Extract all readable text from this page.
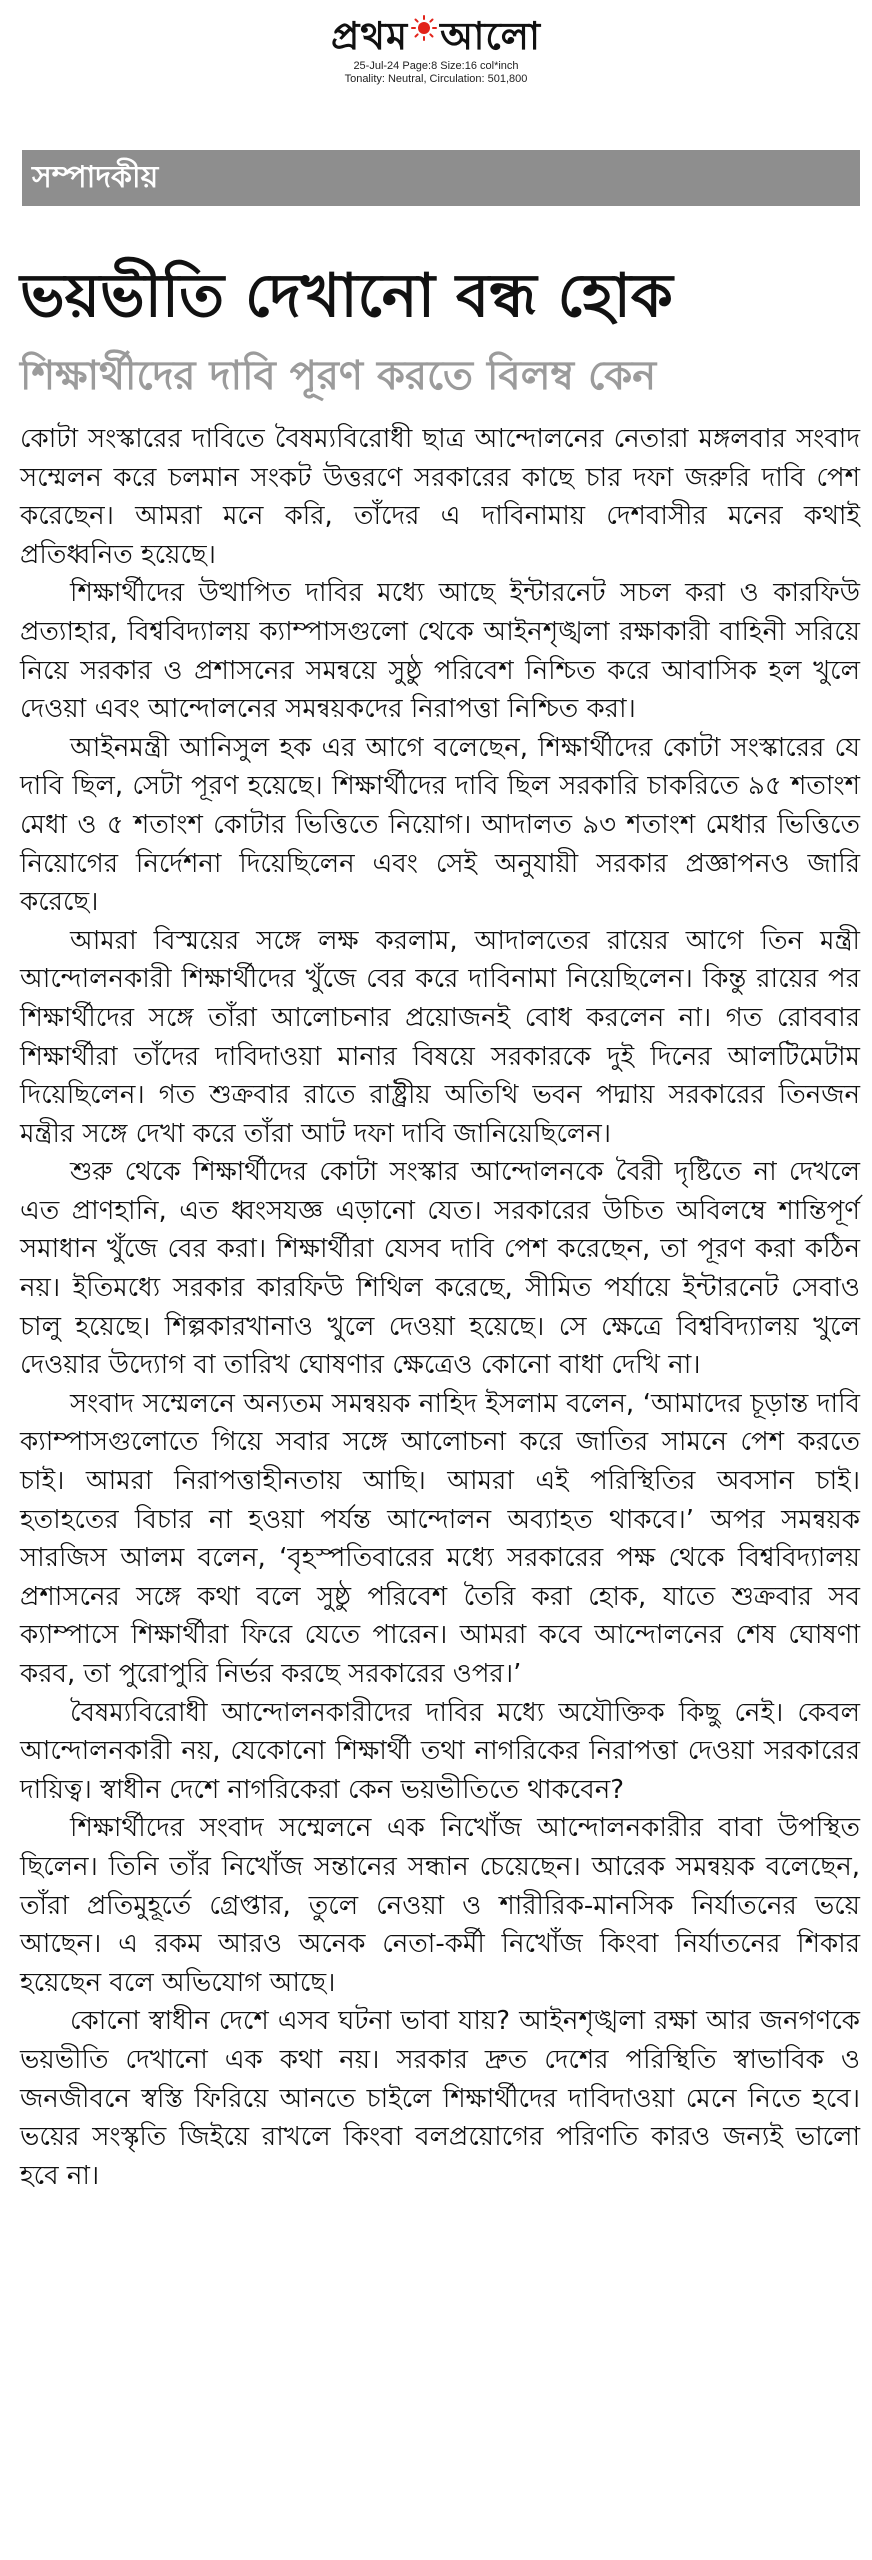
প্রথম আলো
25-Jul-24 Page:8 Size:16 col*inch
Tonality: Neutral, Circulation: 501,800
সম্পাদকীয়
ভয়ভীতি দেখানো বন্ধ হোক
শিক্ষার্থীদের দাবি পূরণ করতে বিলম্ব কেন

কোটা সংস্কারের দাবিতে বৈষম্যবিরোধী ছাত্র আন্দোলনের নেতারা মঙ্গলবার সংবাদ সম্মেলন করে চলমান সংকট উত্তরণে সরকারের কাছে চার দফা জরুরি দাবি পেশ করেছেন। আমরা মনে করি, তাঁদের এ দাবিনামায় দেশবাসীর মনের কথাই প্রতিধ্বনিত হয়েছে।

শিক্ষার্থীদের উত্থাপিত দাবির মধ্যে আছে ইন্টারনেট সচল করা ও কারফিউ প্রত্যাহার, বিশ্ববিদ্যালয় ক্যাম্পাসগুলো থেকে আইনশৃঙ্খলা রক্ষাকারী বাহিনী সরিয়ে নিয়ে সরকার ও প্রশাসনের সমন্বয়ে সুষ্ঠু পরিবেশ নিশ্চিত করে আবাসিক হল খুলে দেওয়া এবং আন্দোলনের সমন্বয়কদের নিরাপত্তা নিশ্চিত করা।

আইনমন্ত্রী আনিসুল হক এর আগে বলেছেন, শিক্ষার্থীদের কোটা সংস্কারের যে দাবি ছিল, সেটা পূরণ হয়েছে। শিক্ষার্থীদের দাবি ছিল সরকারি চাকরিতে ৯৫ শতাংশ মেধা ও ৫ শতাংশ কোটার ভিত্তিতে নিয়োগ। আদালত ৯৩ শতাংশ মেধার ভিত্তিতে নিয়োগের নির্দেশনা দিয়েছিলেন এবং সেই অনুযায়ী সরকার প্রজ্ঞাপনও জারি করেছে।

আমরা বিস্ময়ের সঙ্গে লক্ষ করলাম, আদালতের রায়ের আগে তিন মন্ত্রী আন্দোলনকারী শিক্ষার্থীদের খুঁজে বের করে দাবিনামা নিয়েছিলেন। কিন্তু রায়ের পর শিক্ষার্থীদের সঙ্গে তাঁরা আলোচনার প্রয়োজনই বোধ করলেন না। গত রোববার শিক্ষার্থীরা তাঁদের দাবিদাওয়া মানার বিষয়ে সরকারকে দুই দিনের আলটিমেটাম দিয়েছিলেন। গত শুক্রবার রাতে রাষ্ট্রীয় অতিথি ভবন পদ্মায় সরকারের তিনজন মন্ত্রীর সঙ্গে দেখা করে তাঁরা আট দফা দাবি জানিয়েছিলেন।

শুরু থেকে শিক্ষার্থীদের কোটা সংস্কার আন্দোলনকে বৈরী দৃষ্টিতে না দেখলে এত প্রাণহানি, এত ধ্বংসযজ্ঞ এড়ানো যেত। সরকারের উচিত অবিলম্বে শান্তিপূর্ণ সমাধান খুঁজে বের করা। শিক্ষার্থীরা যেসব দাবি পেশ করেছেন, তা পূরণ করা কঠিন নয়। ইতিমধ্যে সরকার কারফিউ শিথিল করেছে, সীমিত পর্যায়ে ইন্টারনেট সেবাও চালু হয়েছে। শিল্পকারখানাও খুলে দেওয়া হয়েছে। সে ক্ষেত্রে বিশ্ববিদ্যালয় খুলে দেওয়ার উদ্যোগ বা তারিখ ঘোষণার ক্ষেত্রেও কোনো বাধা দেখি না।

সংবাদ সম্মেলনে অন্যতম সমন্বয়ক নাহিদ ইসলাম বলেন, ‘আমাদের চূড়ান্ত দাবি ক্যাম্পাসগুলোতে গিয়ে সবার সঙ্গে আলোচনা করে জাতির সামনে পেশ করতে চাই। আমরা নিরাপত্তাহীনতায় আছি। আমরা এই পরিস্থিতির অবসান চাই। হতাহতের বিচার না হওয়া পর্যন্ত আন্দোলন অব্যাহত থাকবে।’ অপর সমন্বয়ক সারজিস আলম বলেন, ‘বৃহস্পতিবারের মধ্যে সরকারের পক্ষ থেকে বিশ্ববিদ্যালয় প্রশাসনের সঙ্গে কথা বলে সুষ্ঠু পরিবেশ তৈরি করা হোক, যাতে শুক্রবার সব ক্যাম্পাসে শিক্ষার্থীরা ফিরে যেতে পারেন। আমরা কবে আন্দোলনের শেষ ঘোষণা করব, তা পুরোপুরি নির্ভর করছে সরকারের ওপর।’

বৈষম্যবিরোধী আন্দোলনকারীদের দাবির মধ্যে অযৌক্তিক কিছু নেই। কেবল আন্দোলনকারী নয়, যেকোনো শিক্ষার্থী তথা নাগরিকের নিরাপত্তা দেওয়া সরকারের দায়িত্ব। স্বাধীন দেশে নাগরিকেরা কেন ভয়ভীতিতে থাকবেন?

শিক্ষার্থীদের সংবাদ সম্মেলনে এক নিখোঁজ আন্দোলনকারীর বাবা উপস্থিত ছিলেন। তিনি তাঁর নিখোঁজ সন্তানের সন্ধান চেয়েছেন। আরেক সমন্বয়ক বলেছেন, তাঁরা প্রতিমুহূর্তে গ্রেপ্তার, তুলে নেওয়া ও শারীরিক-মানসিক নির্যাতনের ভয়ে আছেন। এ রকম আরও অনেক নেতা-কর্মী নিখোঁজ কিংবা নির্যাতনের শিকার হয়েছেন বলে অভিযোগ আছে।

কোনো স্বাধীন দেশে এসব ঘটনা ভাবা যায়? আইনশৃঙ্খলা রক্ষা আর জনগণকে ভয়ভীতি দেখানো এক কথা নয়। সরকার দ্রুত দেশের পরিস্থিতি স্বাভাবিক ও জনজীবনে স্বস্তি ফিরিয়ে আনতে চাইলে শিক্ষার্থীদের দাবিদাওয়া মেনে নিতে হবে। ভয়ের সংস্কৃতি জিইয়ে রাখলে কিংবা বলপ্রয়োগের পরিণতি কারও জন্যই ভালো হবে না।
